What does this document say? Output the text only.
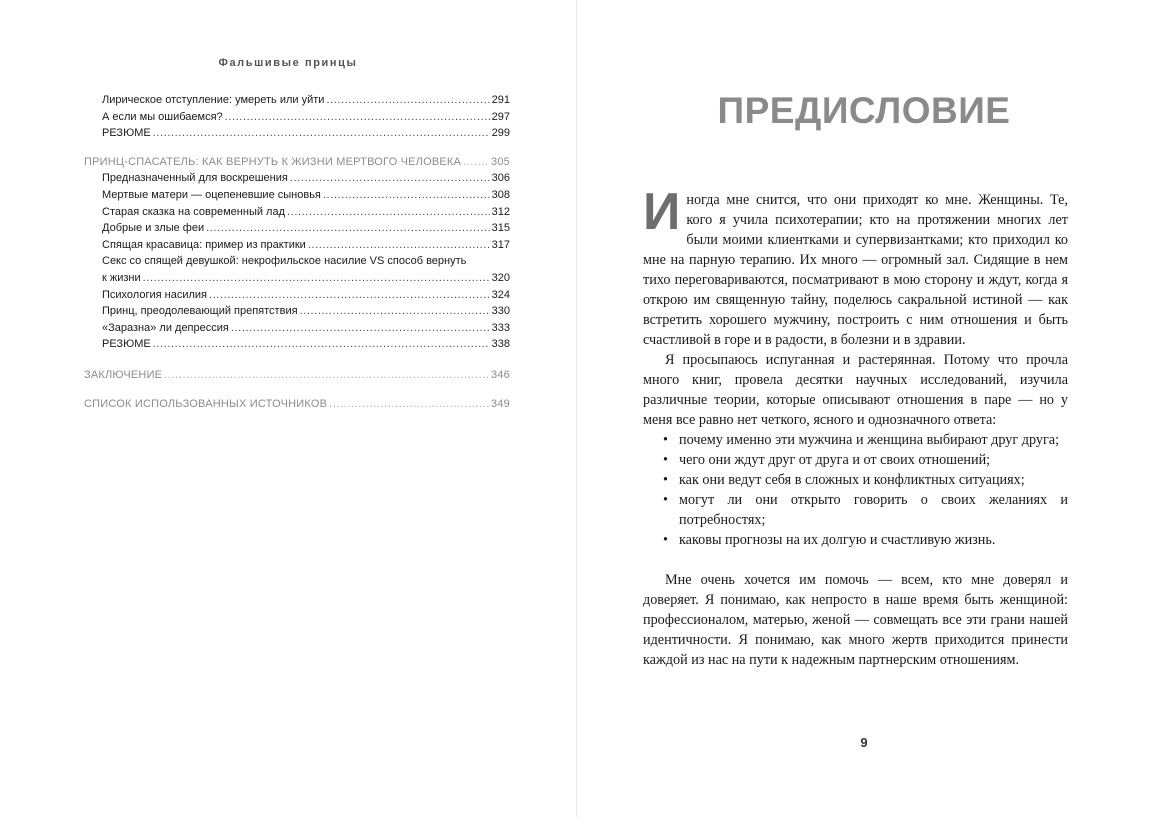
Фальшивые принцы
Лирическое отступление: умереть или уйти .....	291
А если мы ошибаемся? .....	297
РЕЗЮМЕ .....	299
ПРИНЦ-СПАСАТЕЛЬ: КАК ВЕРНУТЬ К ЖИЗНИ МЕРТВОГО ЧЕЛОВЕКА .....	305
Предназначенный для воскрешения .....	306
Мертвые матери — оцепеневшие сыновья .....	308
Старая сказка на современный лад .....	312
Добрые и злые феи .....	315
Спящая красавица: пример из практики .....	317
Секс со спящей девушкой: некрофильское насилие VS способ вернуть
к жизни .....	320
Психология насилия .....	324
Принц, преодолевающий препятствия .....	330
«Заразна» ли депрессия .....	333
РЕЗЮМЕ .....	338
ЗАКЛЮЧЕНИЕ .....	346
СПИСОК ИСПОЛЬЗОВАННЫХ ИСТОЧНИКОВ .....	349
ПРЕДИСЛОВИЕ

Иногда мне снится, что они приходят ко мне. Женщины. Те, кого я учила психотерапии; кто на протяжении многих лет были моими клиентками и супервизантками; кто приходил ко мне на парную терапию. Их много — огромный зал. Сидящие в нем тихо переговариваются, посматривают в мою сторону и ждут, когда я открою им священную тайну, поделюсь сакральной истиной — как встретить хорошего мужчину, построить с ним отношения и быть счастливой в горе и в радости, в болезни и в здравии.

Я просыпаюсь испуганная и растерянная. Потому что прочла много книг, провела десятки научных исследований, изучила различные теории, которые описывают отношения в паре — но у меня все равно нет четкого, ясного и однозначного ответа:

• почему именно эти мужчина и женщина выбирают друг друга;
• чего они ждут друг от друга и от своих отношений;
• как они ведут себя в сложных и конфликтных ситуациях;
• могут ли они открыто говорить о своих желаниях и потребностях;
• каковы прогнозы на их долгую и счастливую жизнь.

Мне очень хочется им помочь — всем, кто мне доверял и доверяет. Я понимаю, как непросто в наше время быть женщиной: профессионалом, матерью, женой — совмещать все эти грани нашей идентичности. Я понимаю, как много жертв приходится принести каждой из нас на пути к надежным партнерским отношениям.

9
